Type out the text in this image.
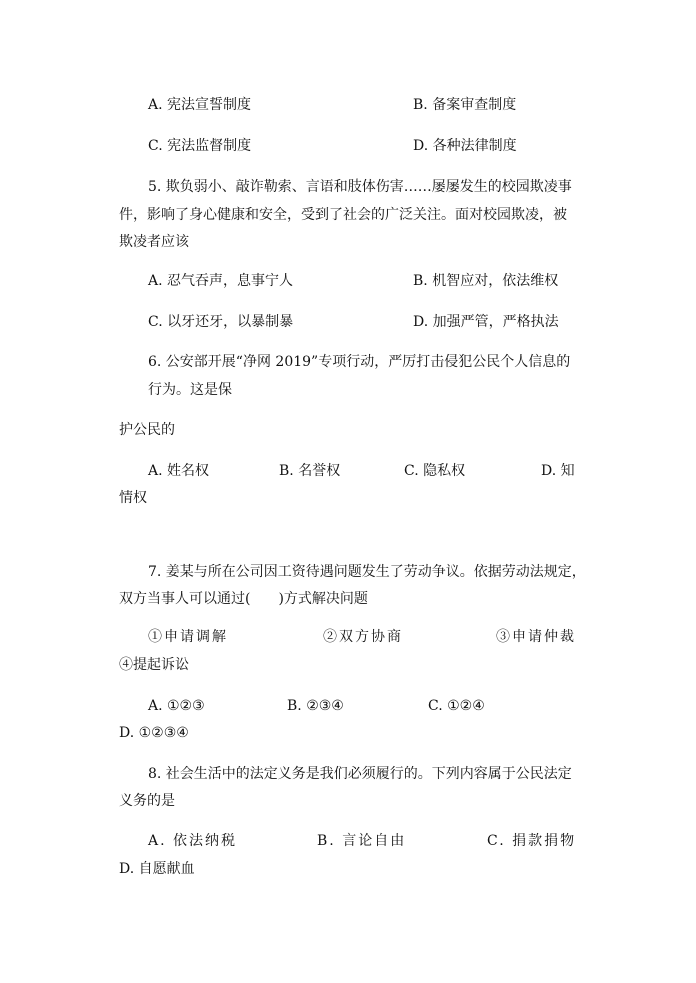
A. 宪法宣誓制度	B. 备案审查制度
C. 宪法监督制度	D. 各种法律制度
5. 欺负弱小、敲诈勒索、言语和肢体伤害……屡屡发生的校园欺凌事
件，影响了身心健康和安全，受到了社会的广泛关注。面对校园欺凌，被
欺凌者应该
A. 忍气吞声，息事宁人	B. 机智应对，依法维权
C. 以牙还牙，以暴制暴	D. 加强严管，严格执法
6. 公安部开展“净网 2019”专项行动，严厉打击侵犯公民个人信息的
行为。这是保
护公民的
A. 姓名权	B. 名誉权	C. 隐私权	D. 知
情权
7. 姜某与所在公司因工资待遇问题发生了劳动争议。依据劳动法规定，
双方当事人可以通过(　　)方式解决问题
①申请调解	②双方协商	③申请仲裁
④提起诉讼
A. ①②③	B. ②③④	C. ①②④
D. ①②③④
8. 社会生活中的法定义务是我们必须履行的。下列内容属于公民法定
义务的是
A. 依法纳税	B. 言论自由	C. 捐款捐物
D. 自愿献血
